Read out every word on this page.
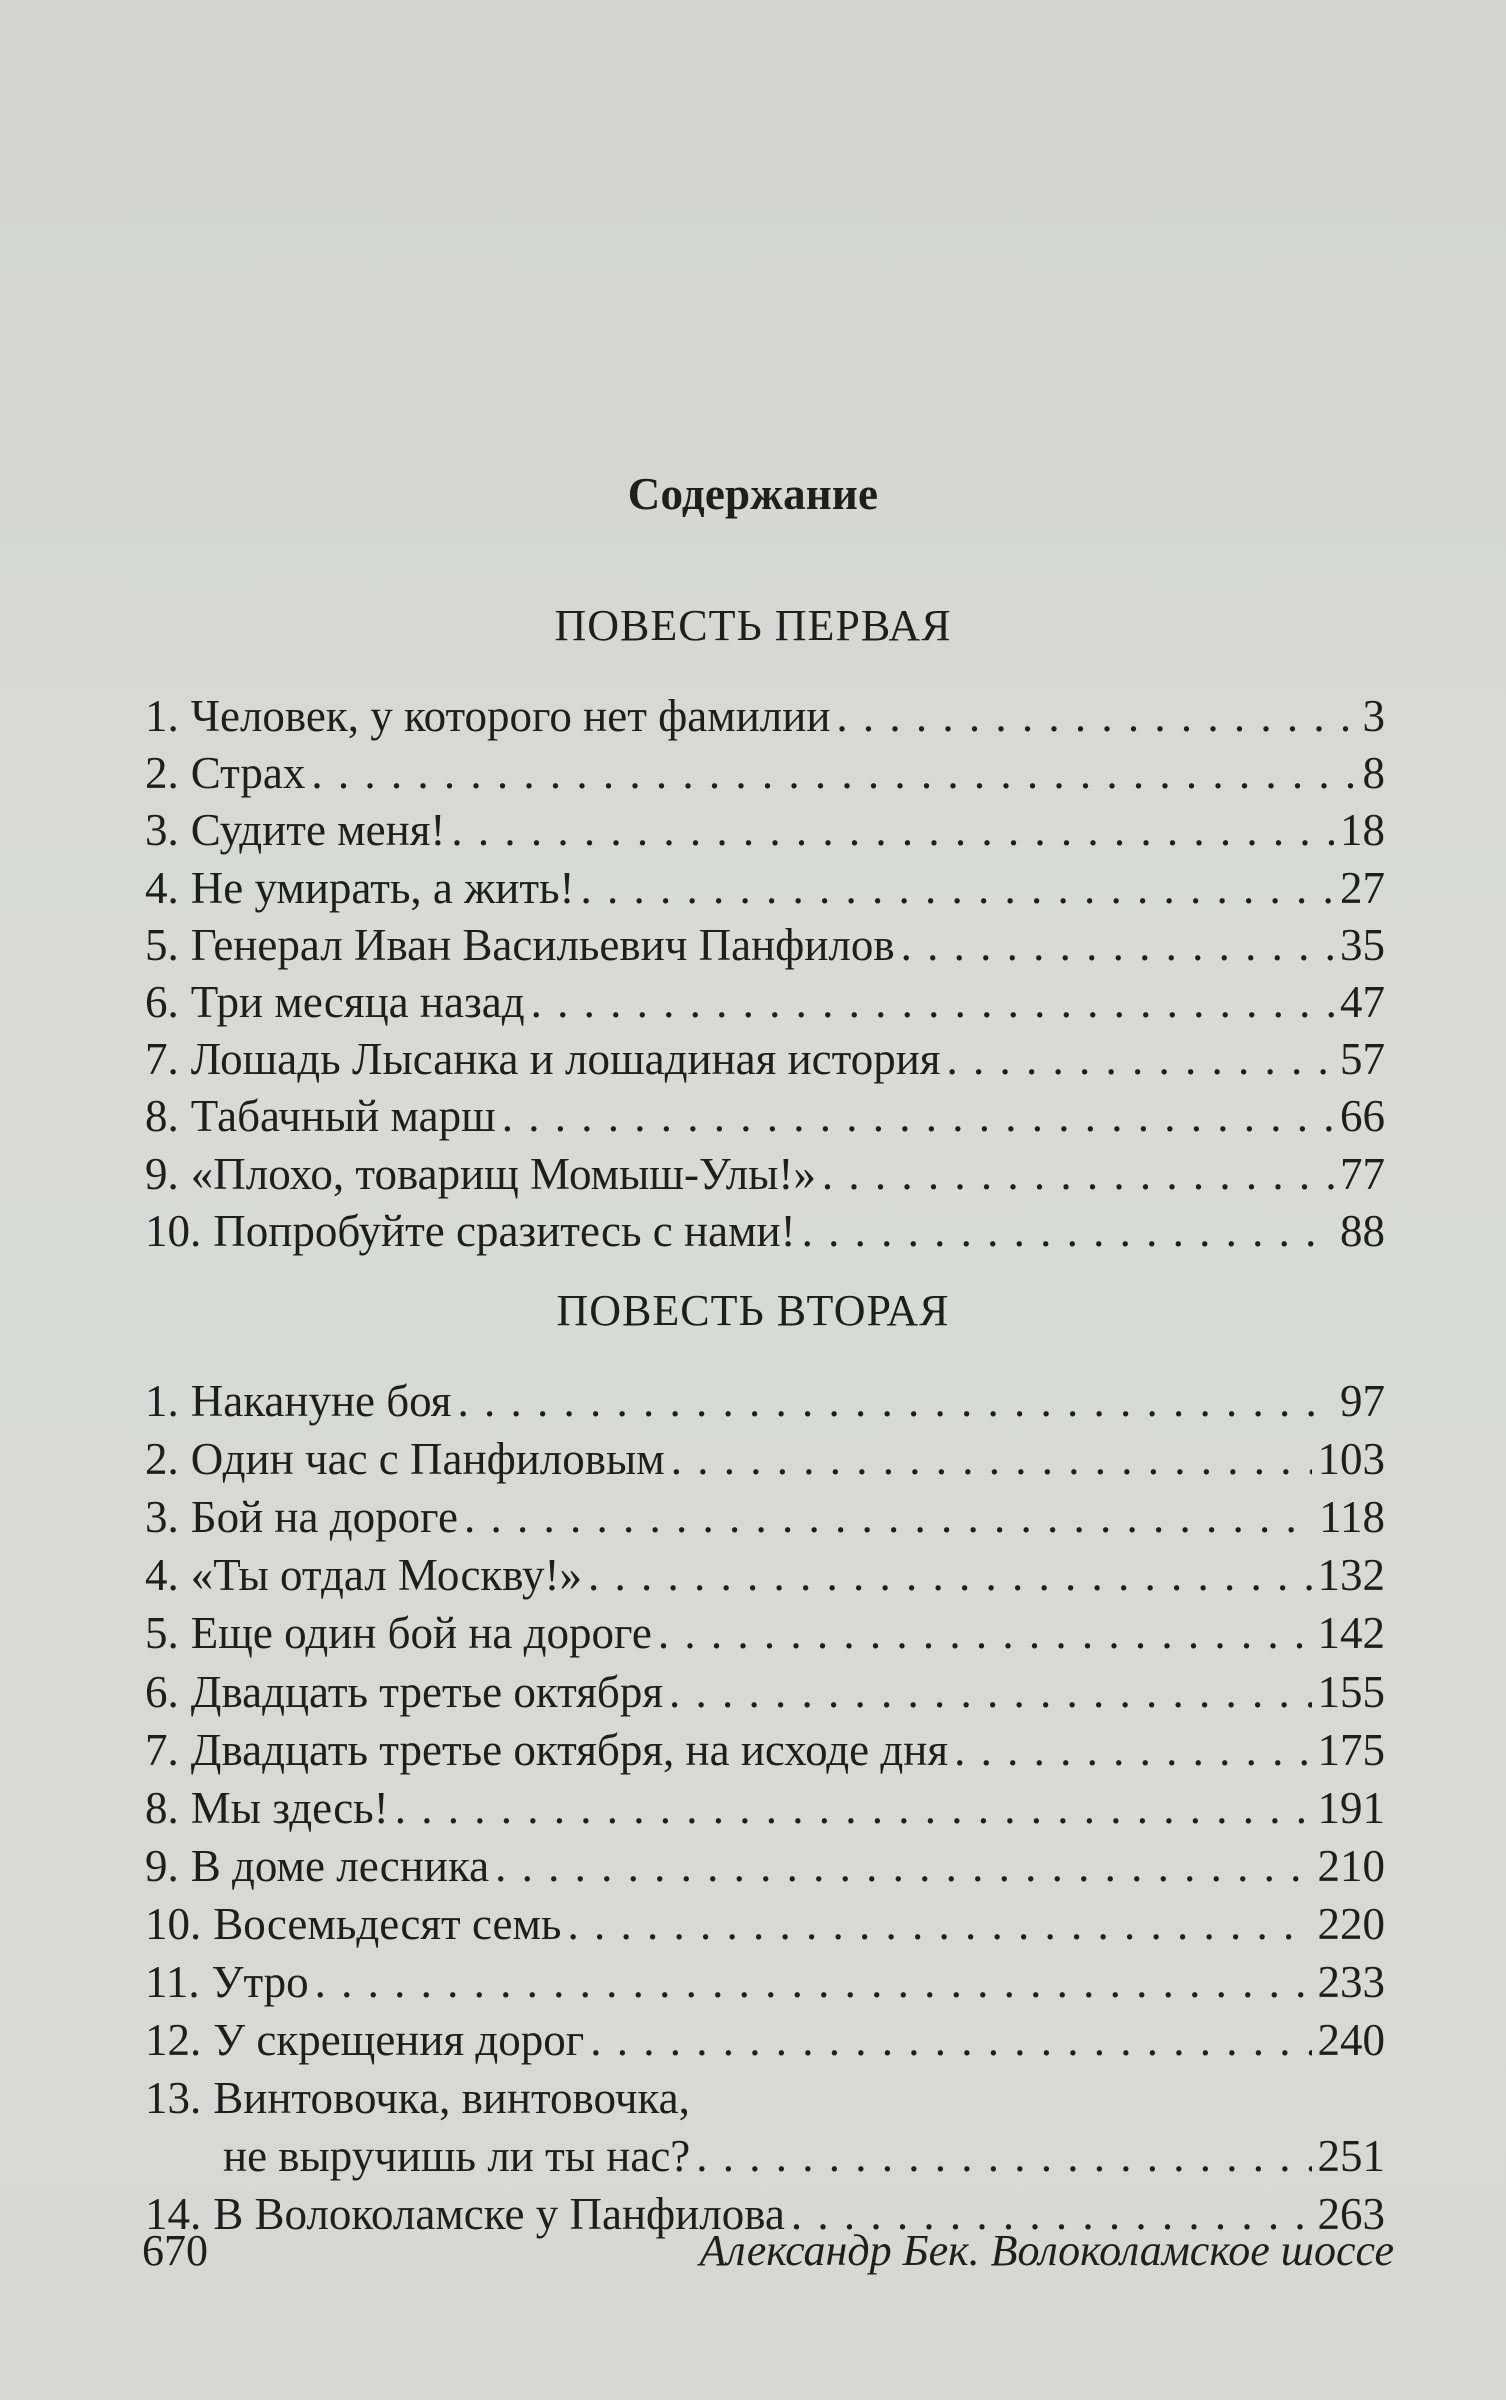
Содержание
ПОВЕСТЬ ПЕРВАЯ
1. Человек, у которого нет фамилии . . .	3
2. Страх . . .	8
3. Судите меня! . . .	18
4. Не умирать, а жить! . . .	27
5. Генерал Иван Васильевич Панфилов . . .	35
6. Три месяца назад . . .	47
7. Лошадь Лысанка и лошадиная история . . .	57
8. Табачный марш . . .	66
9. «Плохо, товарищ Момыш-Улы!» . . .	77
10. Попробуйте сразитесь с нами! . . .	88
ПОВЕСТЬ ВТОРАЯ
1. Накануне боя . . .	97
2. Один час с Панфиловым . . .	103
3. Бой на дороге . . .	118
4. «Ты отдал Москву!» . . .	132
5. Еще один бой на дороге . . .	142
6. Двадцать третье октября . . .	155
7. Двадцать третье октября, на исходе дня . . .	175
8. Мы здесь! . . .	191
9. В доме лесника . . .	210
10. Восемьдесят семь . . .	220
11. Утро . . .	233
12. У скрещения дорог . . .	240
13. Винтовочка, винтовочка,
не выручишь ли ты нас? . . .	251
14. В Волоколамске у Панфилова . . .	263
670	Александр Бек. Волоколамское шоссе
